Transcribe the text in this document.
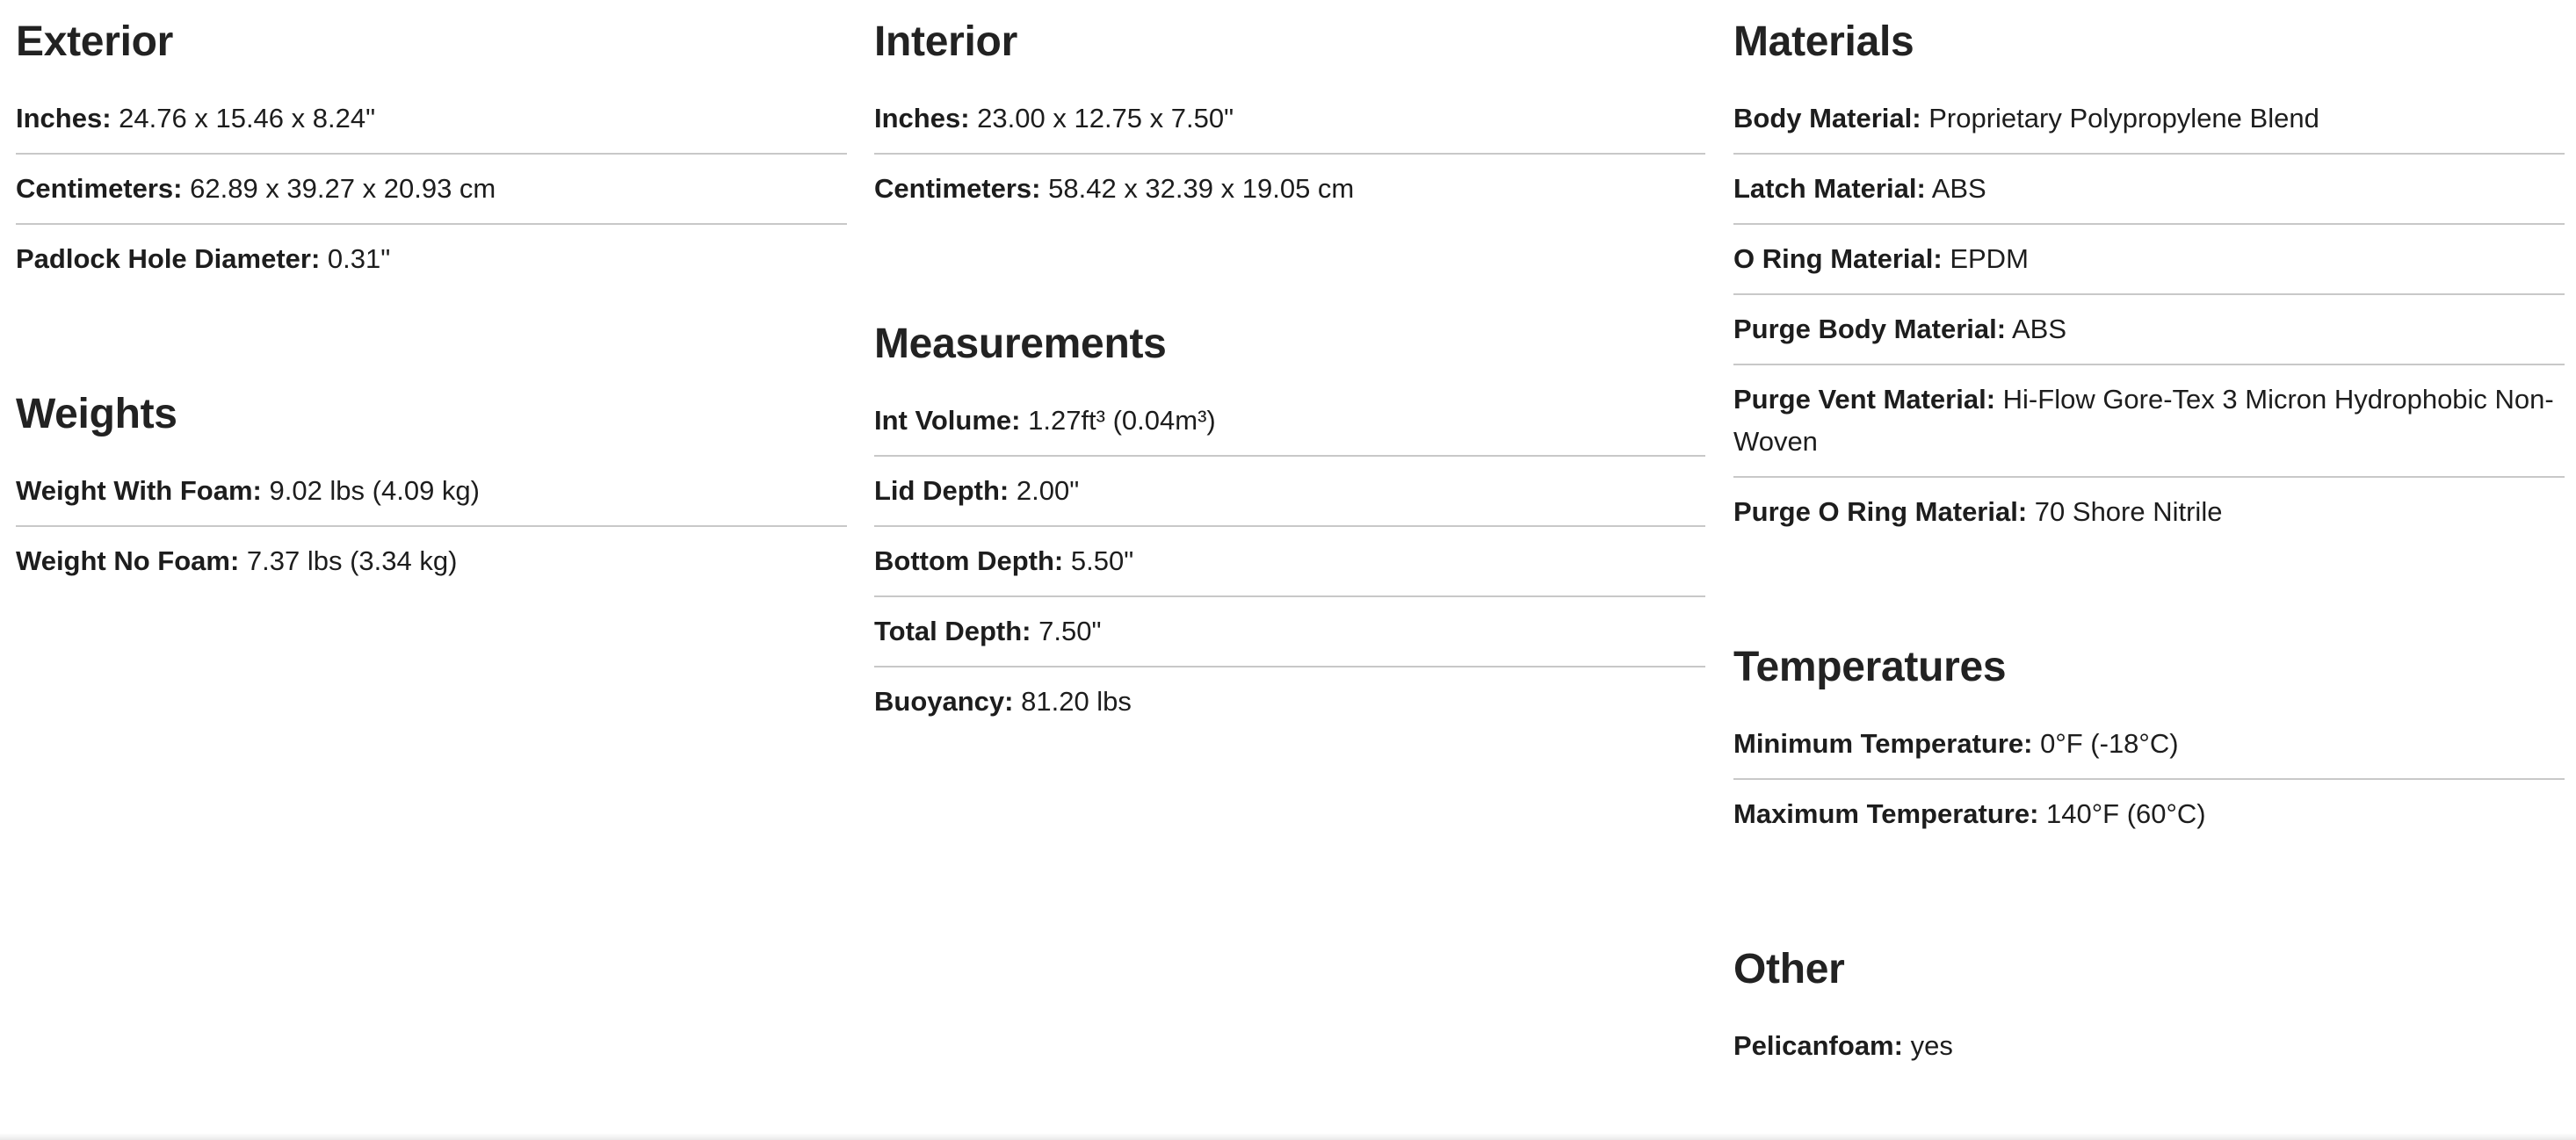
Exterior
Inches: 24.76 x 15.46 x 8.24"
Centimeters: 62.89 x 39.27 x 20.93 cm
Padlock Hole Diameter: 0.31"
Weights
Weight With Foam: 9.02 lbs (4.09 kg)
Weight No Foam: 7.37 lbs (3.34 kg)
Interior
Inches: 23.00 x 12.75 x 7.50"
Centimeters: 58.42 x 32.39 x 19.05 cm
Measurements
Int Volume: 1.27ft³ (0.04m³)
Lid Depth: 2.00"
Bottom Depth: 5.50"
Total Depth: 7.50"
Buoyancy: 81.20 lbs
Materials
Body Material: Proprietary Polypropylene Blend
Latch Material: ABS
O Ring Material: EPDM
Purge Body Material: ABS
Purge Vent Material: Hi-Flow Gore-Tex 3 Micron Hydrophobic Non-Woven
Purge O Ring Material: 70 Shore Nitrile
Temperatures
Minimum Temperature: 0°F (-18°C)
Maximum Temperature: 140°F (60°C)
Other
Pelicanfoam: yes
